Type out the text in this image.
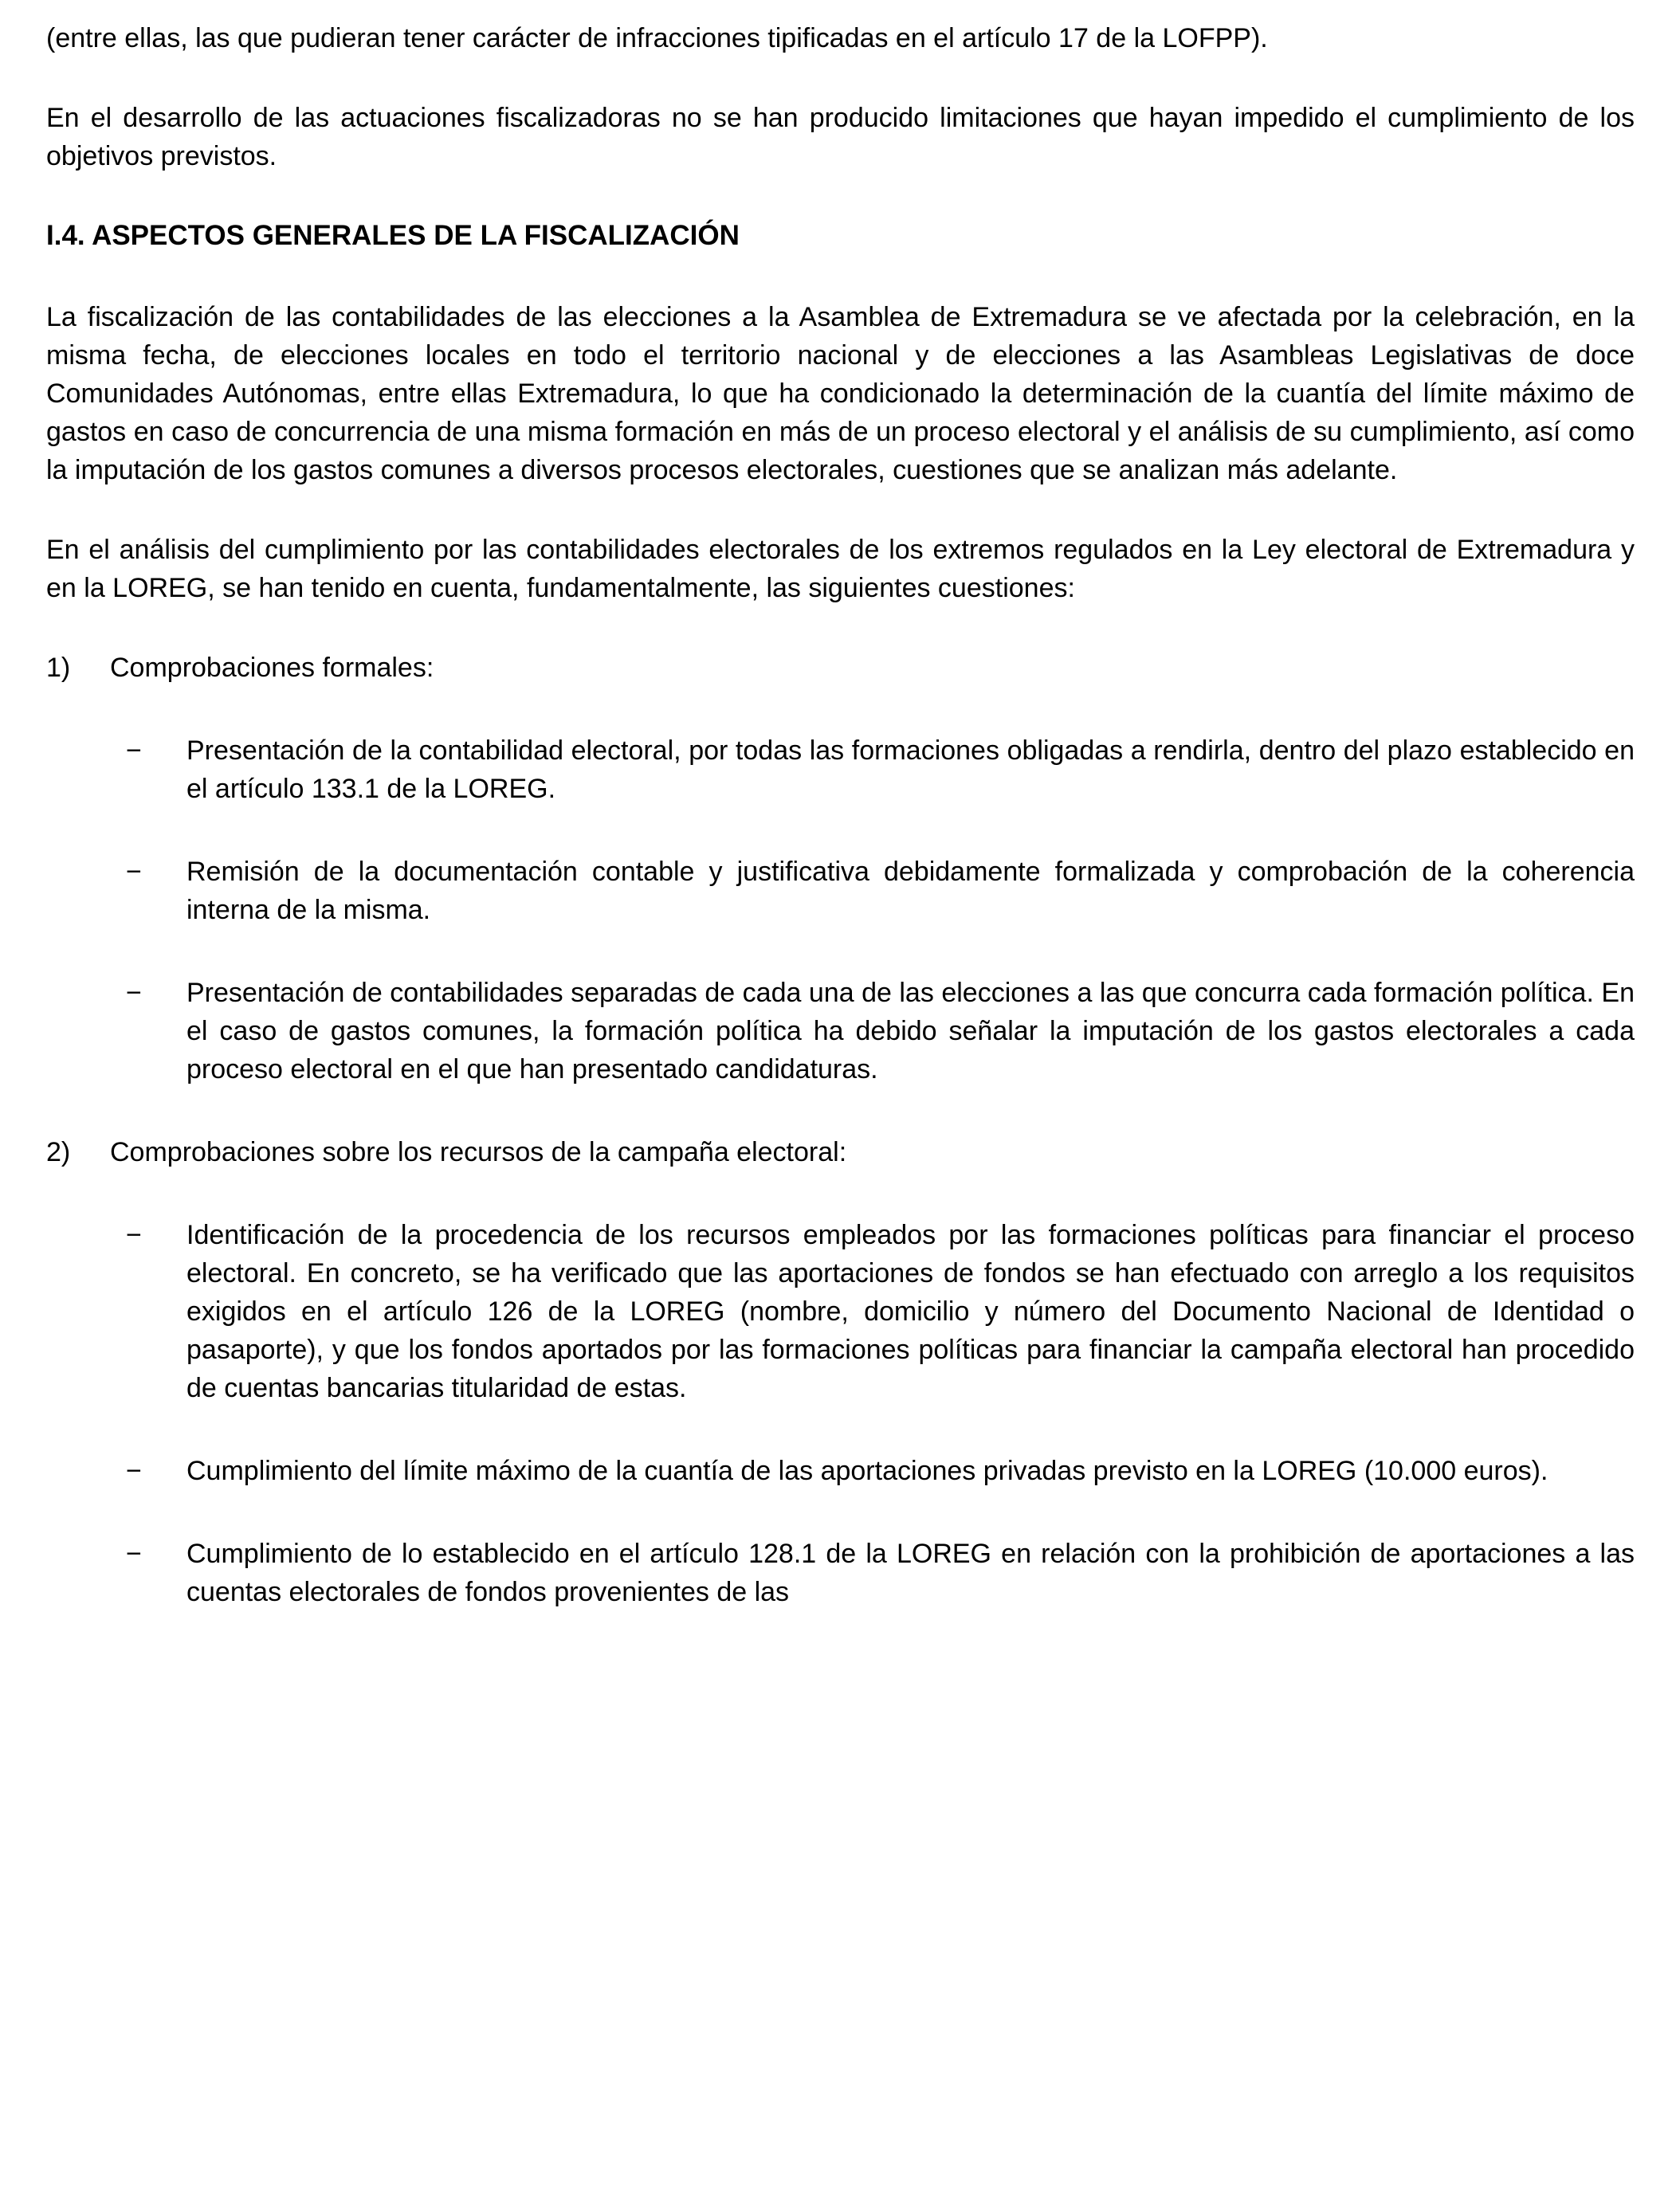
(entre ellas, las que pudieran tener carácter de infracciones tipificadas en el artículo 17 de la LOFPP).

En el desarrollo de las actuaciones fiscalizadoras no se han producido limitaciones que hayan impedido el cumplimiento de los objetivos previstos.

I.4. ASPECTOS GENERALES DE LA FISCALIZACIÓN

La fiscalización de las contabilidades de las elecciones a la Asamblea de Extremadura se ve afectada por la celebración, en la misma fecha, de elecciones locales en todo el territorio nacional y de elecciones a las Asambleas Legislativas de doce Comunidades Autónomas, entre ellas Extremadura, lo que ha condicionado la determinación de la cuantía del límite máximo de gastos en caso de concurrencia de una misma formación en más de un proceso electoral y el análisis de su cumplimiento, así como la imputación de los gastos comunes a diversos procesos electorales, cuestiones que se analizan más adelante.

En el análisis del cumplimiento por las contabilidades electorales de los extremos regulados en la Ley electoral de Extremadura y en la LOREG, se han tenido en cuenta, fundamentalmente, las siguientes cuestiones:

1)	Comprobaciones formales:
−	Presentación de la contabilidad electoral, por todas las formaciones obligadas a rendirla, dentro del plazo establecido en el artículo 133.1 de la LOREG.
−	Remisión de la documentación contable y justificativa debidamente formalizada y comprobación de la coherencia interna de la misma.
−	Presentación de contabilidades separadas de cada una de las elecciones a las que concurra cada formación política. En el caso de gastos comunes, la formación política ha debido señalar la imputación de los gastos electorales a cada proceso electoral en el que han presentado candidaturas.
2)	Comprobaciones sobre los recursos de la campaña electoral:
−	Identificación de la procedencia de los recursos empleados por las formaciones políticas para financiar el proceso electoral. En concreto, se ha verificado que las aportaciones de fondos se han efectuado con arreglo a los requisitos exigidos en el artículo 126 de la LOREG (nombre, domicilio y número del Documento Nacional de Identidad o pasaporte), y que los fondos aportados por las formaciones políticas para financiar la campaña electoral han procedido de cuentas bancarias titularidad de estas.
−	Cumplimiento del límite máximo de la cuantía de las aportaciones privadas previsto en la LOREG (10.000 euros).
−	Cumplimiento de lo establecido en el artículo 128.1 de la LOREG en relación con la prohibición de aportaciones a las cuentas electorales de fondos provenientes de las
